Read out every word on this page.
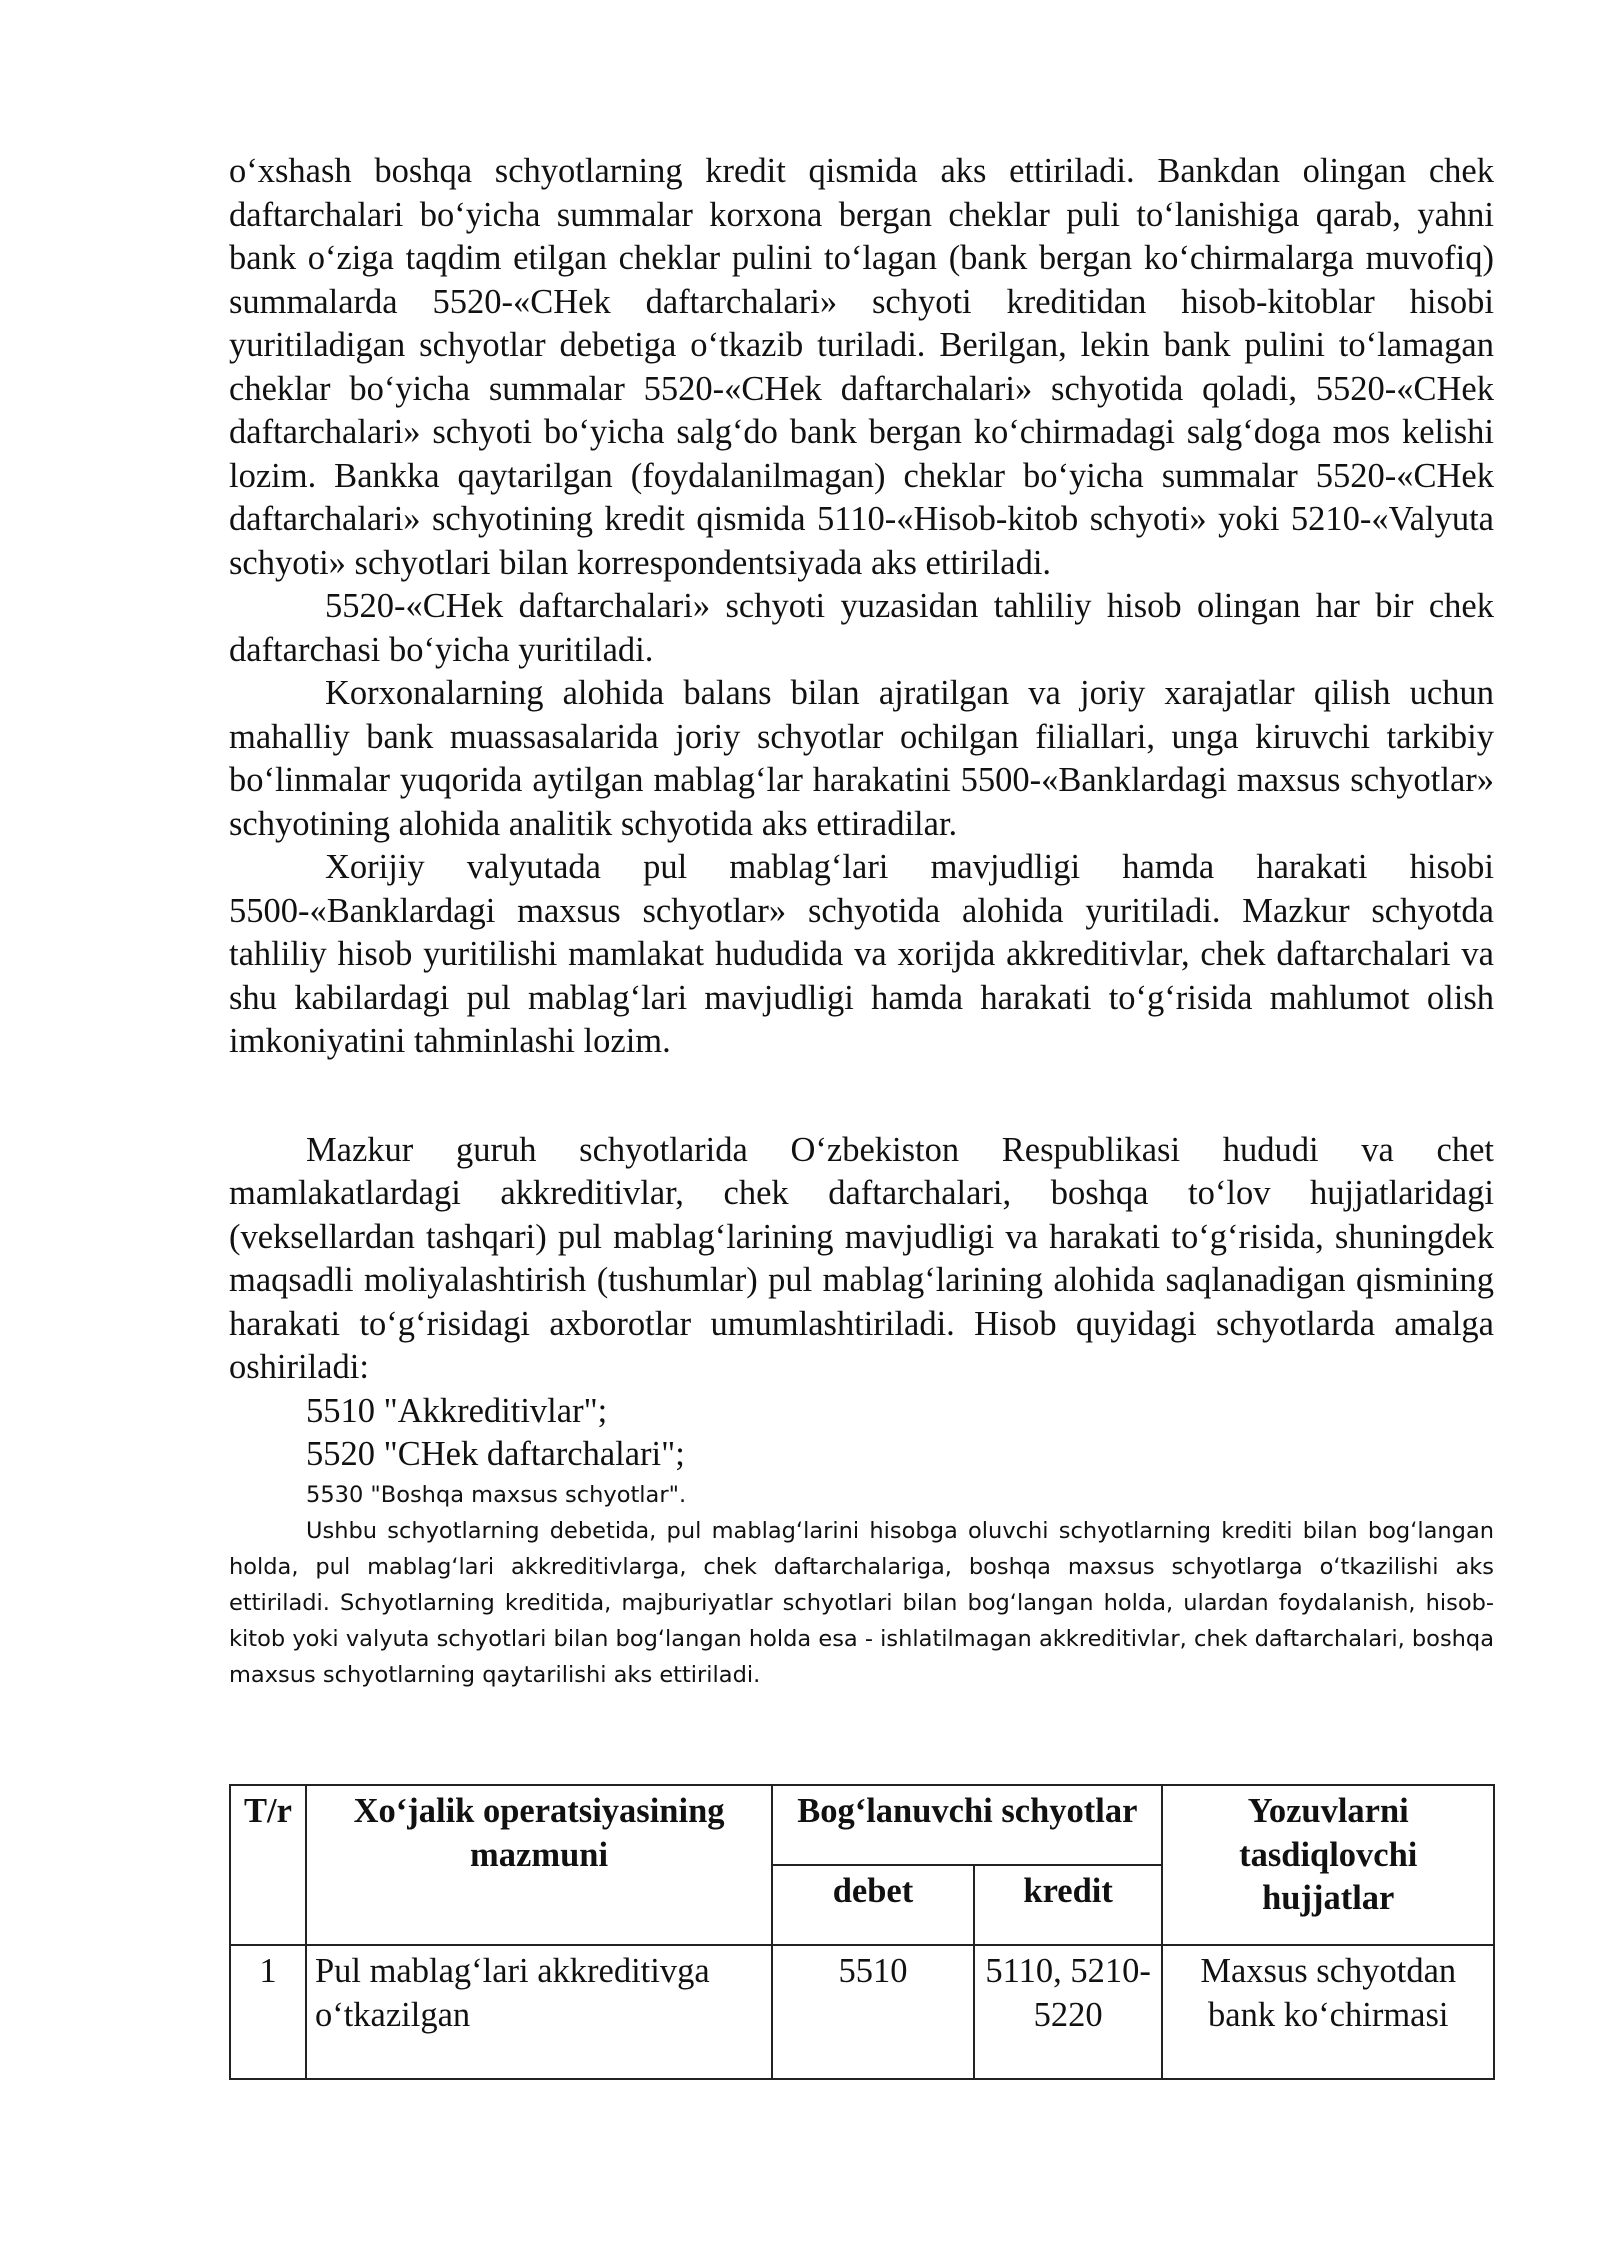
o‘xshash boshqa schyotlarning kredit qismida aks ettiriladi. Bankdan olingan chek daftarchalari bo‘yicha summalar korxona bergan cheklar puli to‘lanishiga qarab, yahni bank o‘ziga taqdim etilgan cheklar pulini to‘lagan (bank bergan ko‘chirmalarga muvofiq) summalarda 5520-«CHek daftarchalari» schyoti kreditidan hisob-kitoblar hisobi yuritiladigan schyotlar debetiga o‘tkazib turiladi. Berilgan, lekin bank pulini to‘lamagan cheklar bo‘yicha summalar 5520-«CHek daftarchalari» schyotida qoladi, 5520-«CHek daftarchalari» schyoti bo‘yicha salg‘do bank bergan ko‘chirmadagi salg‘doga mos kelishi lozim. Bankka qaytarilgan (foydalanilmagan) cheklar bo‘yicha summalar 5520-«CHek daftarchalari» schyotining kredit qismida 5110-«Hisob-kitob schyoti» yoki 5210-«Valyuta schyoti» schyotlari bilan korrespondentsiyada aks ettiriladi.

5520-«CHek daftarchalari» schyoti yuzasidan tahliliy hisob olingan har bir chek daftarchasi bo‘yicha yuritiladi.

Korxonalarning alohida balans bilan ajratilgan va joriy xarajatlar qilish uchun mahalliy bank muassasalarida joriy schyotlar ochilgan filiallari, unga kiruvchi tarkibiy bo‘linmalar yuqorida aytilgan mablag‘lar harakatini 5500-«Banklardagi maxsus schyotlar» schyotining alohida analitik schyotida aks ettiradilar.

Xorijiy valyutada pul mablag‘lari mavjudligi hamda harakati hisobi 5500-«Banklardagi maxsus schyotlar» schyotida alohida yuritiladi. Mazkur schyotda tahliliy hisob yuritilishi mamlakat hududida va xorijda akkreditivlar, chek daftarchalari va shu kabilardagi pul mablag‘lari mavjudligi hamda harakati to‘g‘risida mahlumot olish imkoniyatini tahminlashi lozim.

Mazkur guruh schyotlarida O‘zbekiston Respublikasi hududi va chet mamlakatlardagi akkreditivlar, chek daftarchalari, boshqa to‘lov hujjatlaridagi (veksellardan tashqari) pul mablag‘larining mavjudligi va harakati to‘g‘risida, shuningdek maqsadli moliyalashtirish (tushumlar) pul mablag‘larining alohida saqlanadigan qismining harakati to‘g‘risidagi axborotlar umumlashtiriladi. Hisob quyidagi schyotlarda amalga oshiriladi:

5510 "Akkreditivlar";

5520 "CHek daftarchalari";

5530 "Boshqa maxsus schyotlar".

Ushbu schyotlarning debetida, pul mablag‘larini hisobga oluvchi schyotlarning krediti bilan bog‘langan holda, pul mablag‘lari akkreditivlarga, chek daftarchalariga, boshqa maxsus schyotlarga o‘tkazilishi aks ettiriladi. Schyotlarning kreditida, majburiyatlar schyotlari bilan bog‘langan holda, ulardan foydalanish, hisob-kitob yoki valyuta schyotlari bilan bog‘langan holda esa - ishlatilmagan akkreditivlar, chek daftarchalari, boshqa maxsus schyotlarning qaytarilishi aks ettiriladi.

T/r	Xo‘jalik operatsiyasining mazmuni	Bog‘lanuvchi schyotlar		Yozuvlarni tasdiqlovchi hujjatlar
		debet	kredit	
1	Pul mablag‘lari akkreditivga o‘tkazilgan	5510	5110, 5210-5220	Maxsus schyotdan bank ko‘chirmasi
